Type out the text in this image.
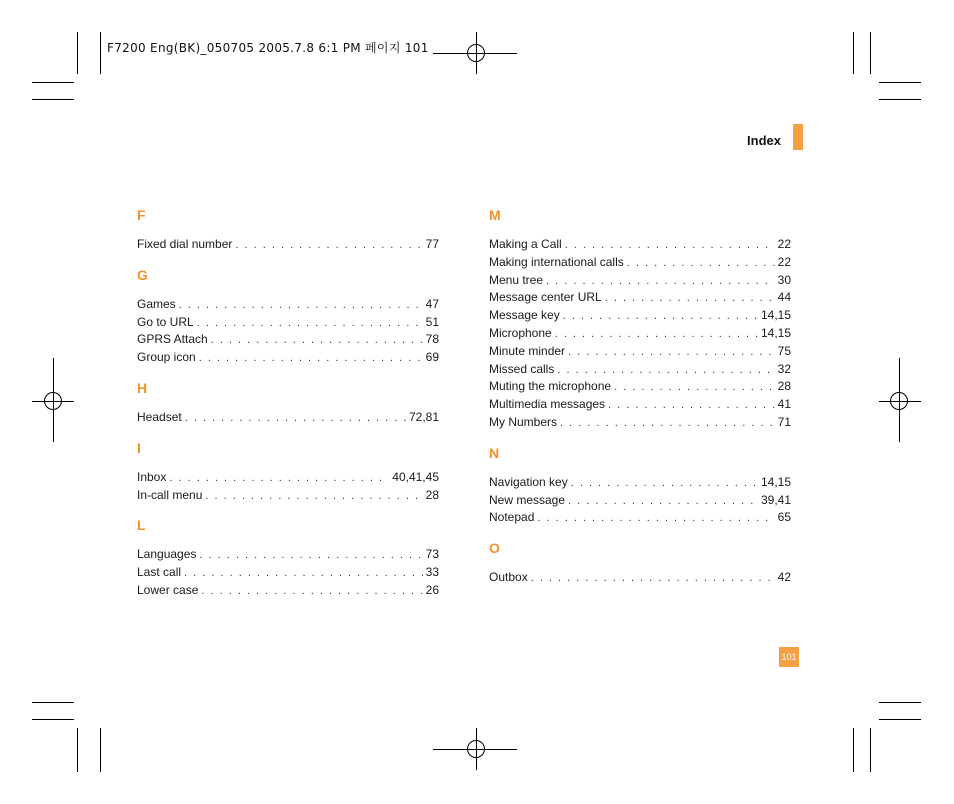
F7200 Eng(BK)_050705 2005.7.8 6:1 PM 페이지 101
Index
F
Fixed dial number . . .	77
G
Games . . .	47
Go to URL . . .	51
GPRS Attach . . .	78
Group icon . . .	69
H
Headset . . .	72,81
I
Inbox . . .	40,41,45
In-call menu . . .	28
L
Languages . . .	73
Last call . . .	33
Lower case . . .	26
M
Making a Call . . .	22
Making international calls . . .	22
Menu tree . . .	30
Message center URL . . .	44
Message key . . .	14,15
Microphone . . .	14,15
Minute minder . . .	75
Missed calls . . .	32
Muting the microphone . . .	28
Multimedia messages . . .	41
My Numbers . . .	71
N
Navigation key . . .	14,15
New message . . .	39,41
Notepad . . .	65
O
Outbox . . .	42
101
